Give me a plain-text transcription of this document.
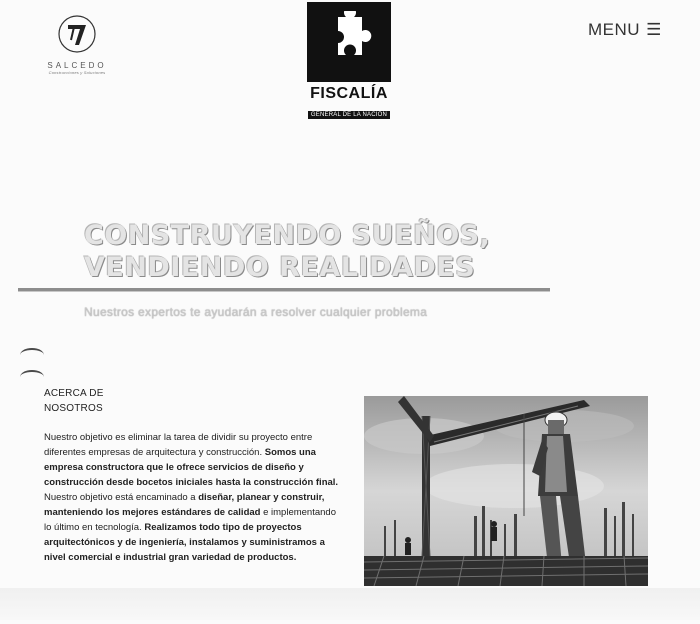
SALCEDO
Construcciones y Soluciones
FISCALÍA
GENERAL DE LA NACIÓN
MENU ☰
CONSTRUYENDO SUEÑOS,
VENDIENDO REALIDADES
Nuestros expertos te ayudarán a resolver cualquier problema
ACERCA DE
NOSOTROS

Nuestro objetivo es eliminar la tarea de dividir su proyecto entre diferentes empresas de arquitectura y construcción. Somos una empresa constructora que le ofrece servicios de diseño y construcción desde bocetos iniciales hasta la construcción final. Nuestro objetivo está encaminado a diseñar, planear y construir, manteniendo los mejores estándares de calidad e implementando lo último en tecnología. Realizamos todo tipo de proyectos arquitectónicos y de ingeniería, instalamos y suministramos a nivel comercial e industrial gran variedad de productos.
